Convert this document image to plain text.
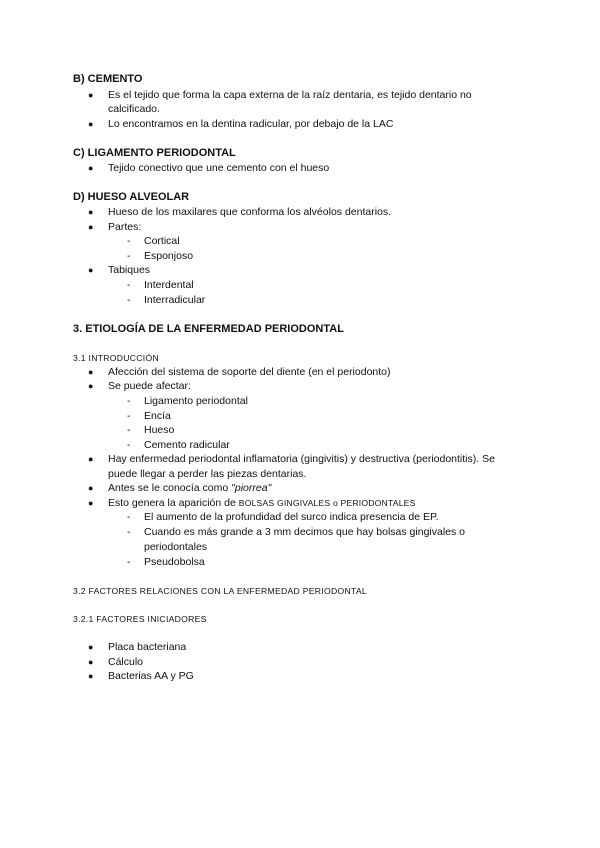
B) CEMENTO
● Es el tejido que forma la capa externa de la raíz dentaria, es tejido dentario no
calcificado.
● Lo encontramos en la dentina radicular, por debajo de la LAC
C) LIGAMENTO PERIODONTAL
● Tejido conectivo que une cemento con el hueso
D) HUESO ALVEOLAR
● Hueso de los maxilares que conforma los alvéolos dentarios.
● Partes:
- Cortical
- Esponjoso
● Tabiques
- Interdental
- Interradicular
3. ETIOLOGÍA DE LA ENFERMEDAD PERIODONTAL
3.1 INTRODUCCIÓN
● Afección del sistema de soporte del diente (en el periodonto)
● Se puede afectar:
- Ligamento periodontal
- Encía
- Hueso
- Cemento radicular
● Hay enfermedad periodontal inflamatoria (gingivitis) y destructiva (periodontitis). Se
puede llegar a perder las piezas dentarias.
● Antes se le conocía como "piorrea"
● Esto genera la aparición de BOLSAS GINGIVALES o PERIODONTALES
- El aumento de la profundidad del surco indica presencia de EP.
- Cuando es más grande a 3 mm decimos que hay bolsas gingivales o
periodontales
- Pseudobolsa
3.2 FACTORES RELACIONES CON LA ENFERMEDAD PERIODONTAL
3.2.1 FACTORES INICIADORES
● Placa bacteriana
● Cálculo
● Bacterias AA y PG
